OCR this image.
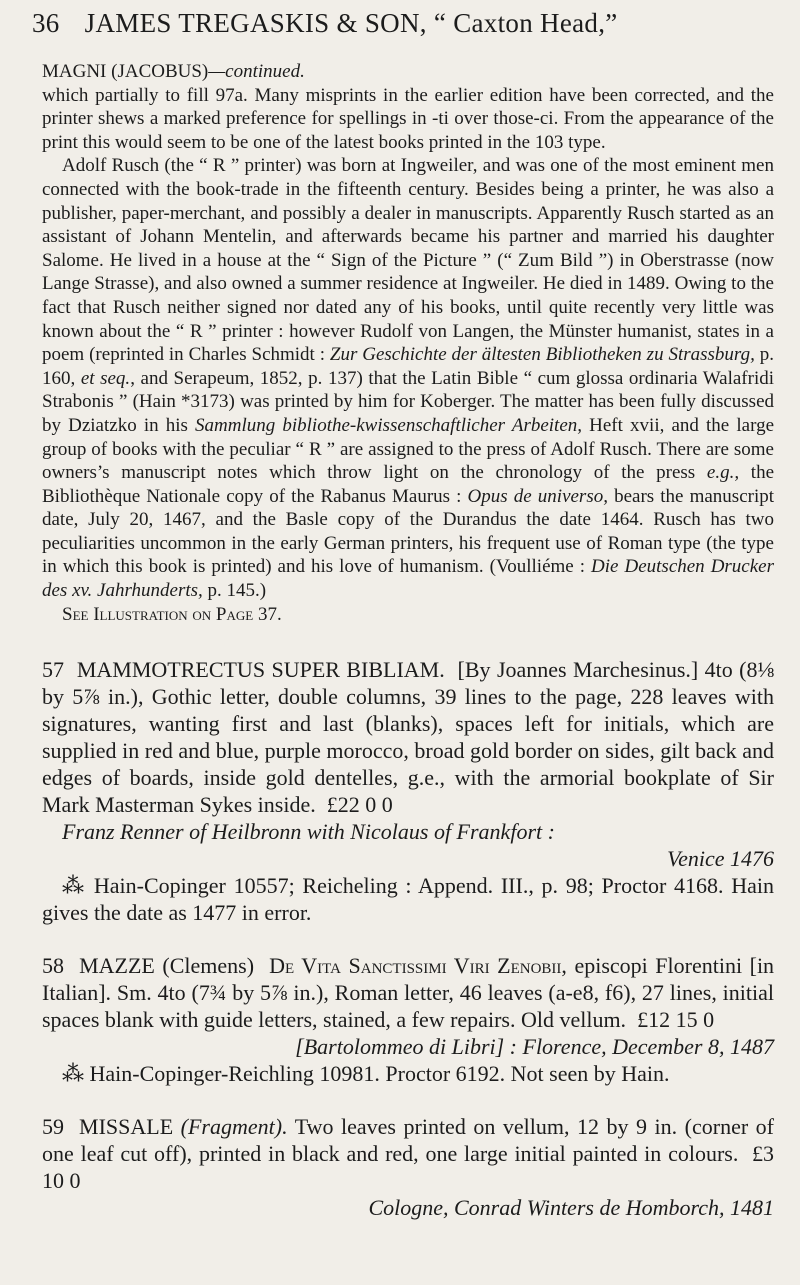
36 JAMES TREGASKIS & SON, “ Caxton Head,”

MAGNI (JACOBUS)—continued.
which partially to fill 97a. Many misprints in the earlier edition have been corrected, and the printer shews a marked preference for spellings in -ti over those-ci. From the appearance of the print this would seem to be one of the latest books printed in the 103 type.

Adolf Rusch (the “ R ” printer) was born at Ingweiler, and was one of the most eminent men connected with the book-trade in the fifteenth century. Besides being a printer, he was also a publisher, paper-merchant, and possibly a dealer in manuscripts. Apparently Rusch started as an assistant of Johann Mentelin, and afterwards became his partner and married his daughter Salome. He lived in a house at the “ Sign of the Picture ” (“ Zum Bild ”) in Oberstrasse (now Lange Strasse), and also owned a summer residence at Ingweiler. He died in 1489. Owing to the fact that Rusch neither signed nor dated any of his books, until quite recently very little was known about the “ R ” printer : however Rudolf von Langen, the Münster humanist, states in a poem (reprinted in Charles Schmidt : Zur Geschichte der ältesten Bibliotheken zu Strassburg, p. 160, et seq., and Serapeum, 1852, p. 137) that the Latin Bible “ cum glossa ordinaria Walafridi Strabonis ” (Hain *3173) was printed by him for Koberger. The matter has been fully discussed by Dziatzko in his Sammlung bibliothe-kwissenschaftlicher Arbeiten, Heft xvii, and the large group of books with the peculiar “ R ” are assigned to the press of Adolf Rusch. There are some owners’s manuscript notes which throw light on the chronology of the press e.g., the Bibliothèque Nationale copy of the Rabanus Maurus : Opus de universo, bears the manuscript date, July 20, 1467, and the Basle copy of the Durandus the date 1464. Rusch has two peculiarities uncommon in the early German printers, his frequent use of Roman type (the type in which this book is printed) and his love of humanism. (Voulliéme : Die Deutschen Drucker des xv. Jahrhunderts, p. 145.)

See Illustration on Page 37.

57 MAMMOTRECTUS SUPER BIBLIAM. [By Joannes Marchesinus.] 4to (8⅛ by 5⅞ in.), Gothic letter, double columns, 39 lines to the page, 228 leaves with signatures, wanting first and last (blanks), spaces left for initials, which are supplied in red and blue, purple morocco, broad gold border on sides, gilt back and edges of boards, inside gold dentelles, g.e., with the armorial bookplate of Sir Mark Masterman Sykes inside. £22 0 0

Franz Renner of Heilbronn with Nicolaus of Frankfort :

Venice 1476

⁂ Hain-Copinger 10557; Reicheling : Append. III., p. 98; Proctor 4168. Hain gives the date as 1477 in error.

58 MAZZE (Clemens) De Vita Sanctissimi Viri Zenobii, episcopi Florentini [in Italian]. Sm. 4to (7¾ by 5⅞ in.), Roman letter, 46 leaves (a-e8, f6), 27 lines, initial spaces blank with guide letters, stained, a few repairs. Old vellum. £12 15 0

[Bartolommeo di Libri] : Florence, December 8, 1487

⁂ Hain-Copinger-Reichling 10981. Proctor 6192. Not seen by Hain.

59 MISSALE (Fragment). Two leaves printed on vellum, 12 by 9 in. (corner of one leaf cut off), printed in black and red, one large initial painted in colours. £3 10 0

Cologne, Conrad Winters de Homborch, 1481
